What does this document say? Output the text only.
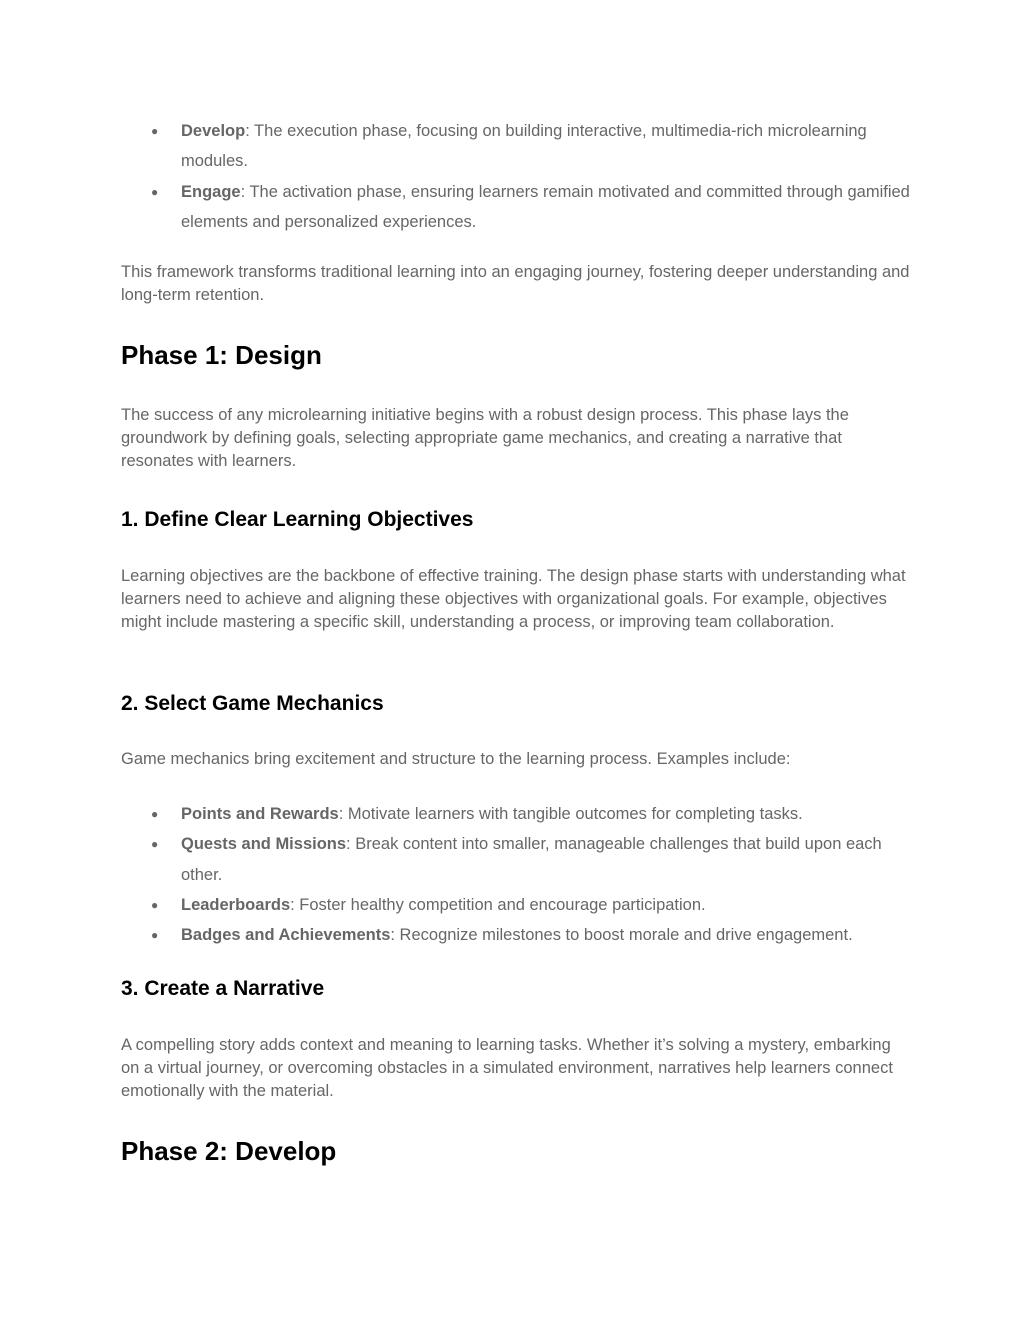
● Develop: The execution phase, focusing on building interactive, multimedia-rich microlearning modules.
● Engage: The activation phase, ensuring learners remain motivated and committed through gamified elements and personalized experiences.

This framework transforms traditional learning into an engaging journey, fostering deeper understanding and long-term retention.

Phase 1: Design

The success of any microlearning initiative begins with a robust design process. This phase lays the groundwork by defining goals, selecting appropriate game mechanics, and creating a narrative that resonates with learners.

1. Define Clear Learning Objectives

Learning objectives are the backbone of effective training. The design phase starts with understanding what learners need to achieve and aligning these objectives with organizational goals. For example, objectives might include mastering a specific skill, understanding a process, or improving team collaboration.

2. Select Game Mechanics

Game mechanics bring excitement and structure to the learning process. Examples include:

● Points and Rewards: Motivate learners with tangible outcomes for completing tasks.
● Quests and Missions: Break content into smaller, manageable challenges that build upon each other.
● Leaderboards: Foster healthy competition and encourage participation.
● Badges and Achievements: Recognize milestones to boost morale and drive engagement.
3. Create a Narrative

A compelling story adds context and meaning to learning tasks. Whether it’s solving a mystery, embarking on a virtual journey, or overcoming obstacles in a simulated environment, narratives help learners connect emotionally with the material.

Phase 2: Develop
